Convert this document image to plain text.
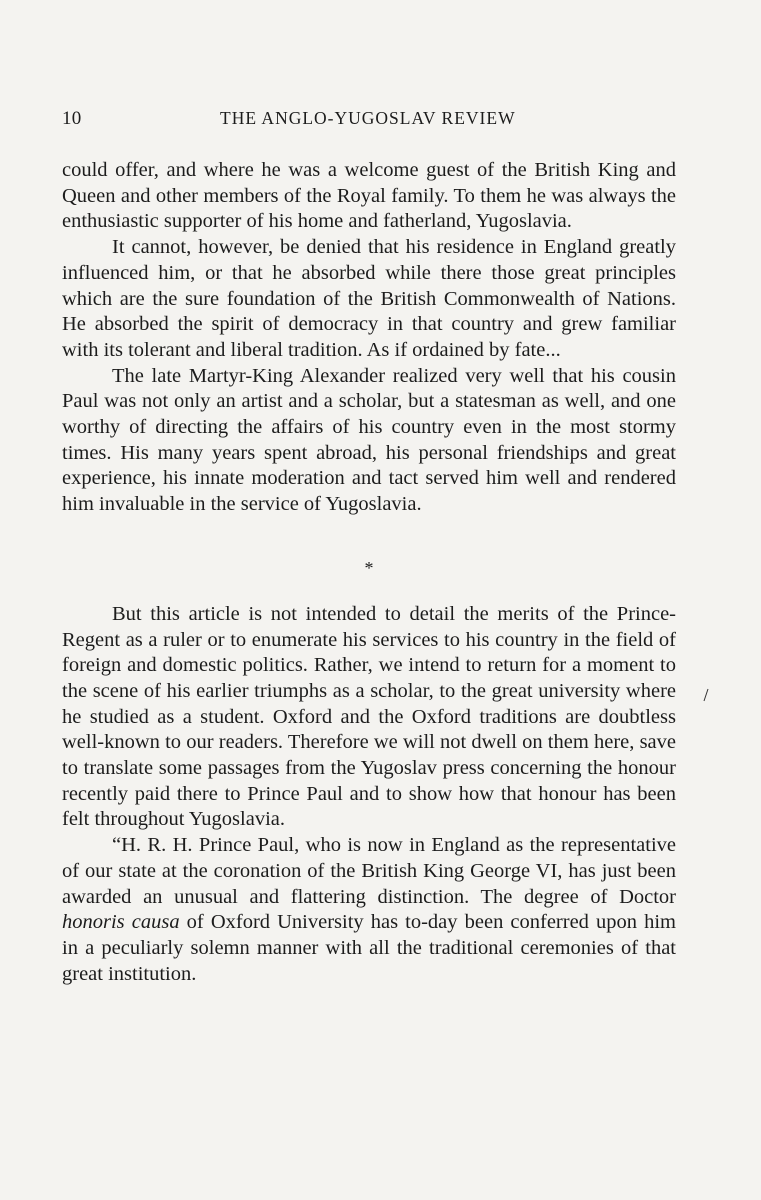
10	THE ANGLO-YUGOSLAV REVIEW

could offer, and where he was a welcome guest of the British King and Queen and other members of the Royal family. To them he was always the enthusiastic supporter of his home and fatherland, Yugoslavia.

It cannot, however, be denied that his residence in England greatly influenced him, or that he absorbed while there those great principles which are the sure foundation of the British Commonwealth of Nations. He absorbed the spirit of democracy in that country and grew familiar with its tolerant and liberal tradition. As if ordained by fate...

The late Martyr-King Alexander realized very well that his cousin Paul was not only an artist and a scholar, but a statesman as well, and one worthy of directing the affairs of his country even in the most stormy times. His many years spent abroad, his personal friendships and great experience, his innate moderation and tact served him well and rendered him invaluable in the service of Yugoslavia.

*

But this article is not intended to detail the merits of the Prince-Regent as a ruler or to enumerate his services to his country in the field of foreign and domestic politics. Rather, we intend to return for a moment to the scene of his earlier triumphs as a scholar, to the great university where he studied as a student. Oxford and the Oxford traditions are doubtless well-known to our readers. Therefore we will not dwell on them here, save to translate some passages from the Yugoslav press concerning the honour recently paid there to Prince Paul and to show how that honour has been felt throughout Yugoslavia.

“H. R. H. Prince Paul, who is now in England as the representative of our state at the coronation of the British King George VI, has just been awarded an unusual and flattering distinction. The degree of Doctor honoris causa of Oxford University has to-day been conferred upon him in a peculiarly solemn manner with all the traditional ceremonies of that great institution.
